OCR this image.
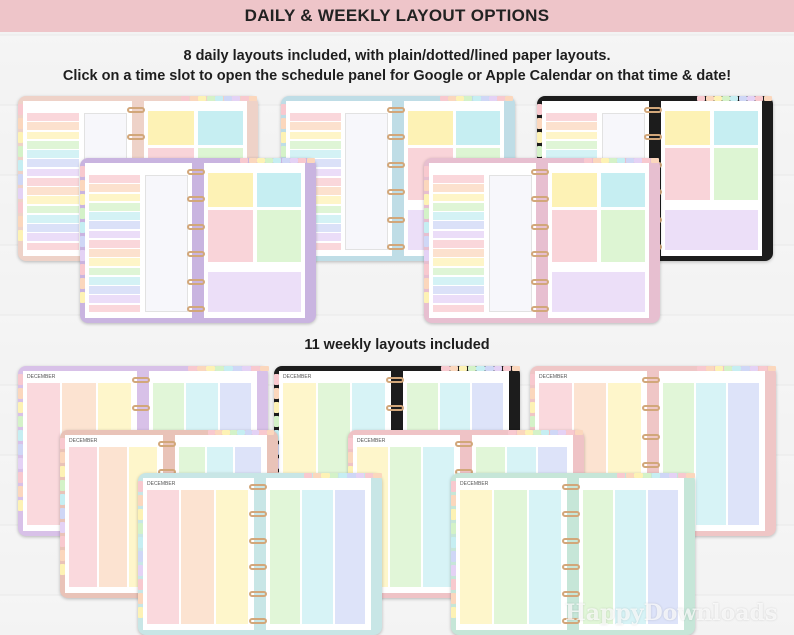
DAILY & WEEKLY LAYOUT OPTIONS
8 daily layouts included, with plain/dotted/lined paper layouts.
Click on a time slot to open the schedule panel for Google or Apple Calendar on that time & date!
DECEMBER	DECEMBER	DECEMBER
DECEMBER	DECEMBER
DECEMBER	DECEMBER
11 weekly layouts included
HappyDownloads
